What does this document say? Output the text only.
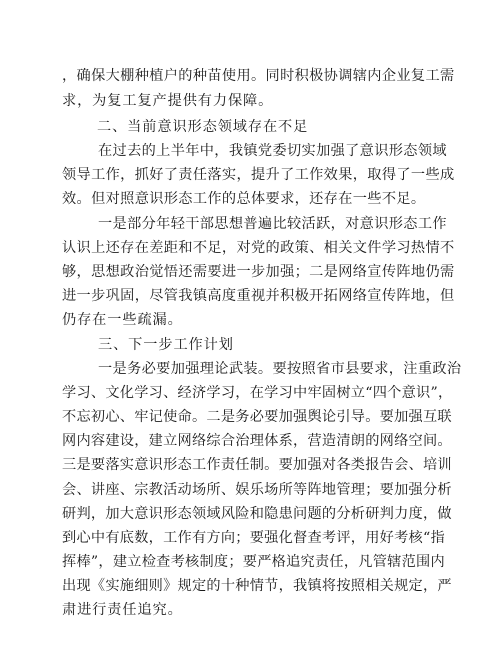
，确保大棚种植户的种苗使用。同时积极协调辖内企业复工需
求，为复工复产提供有力保障。
二、当前意识形态领域存在不足
在过去的上半年中，我镇党委切实加强了意识形态领域
领导工作，抓好了责任落实，提升了工作效果，取得了一些成
效。但对照意识形态工作的总体要求，还存在一些不足。
一是部分年轻干部思想普遍比较活跃，对意识形态工作
认识上还存在差距和不足，对党的政策、相关文件学习热情不
够，思想政治觉悟还需要进一步加强；二是网络宣传阵地仍需
进一步巩固，尽管我镇高度重视并积极开拓网络宣传阵地，但
仍存在一些疏漏。
三、下一步工作计划
一是务必要加强理论武装。要按照省市县要求，注重政治
学习、文化学习、经济学习，在学习中牢固树立“四个意识”，
不忘初心、牢记使命。二是务必要加强舆论引导。要加强互联
网内容建设，建立网络综合治理体系，营造清朗的网络空间。
三是要落实意识形态工作责任制。要加强对各类报告会、培训
会、讲座、宗教活动场所、娱乐场所等阵地管理；要加强分析
研判，加大意识形态领域风险和隐患问题的分析研判力度，做
到心中有底数，工作有方向；要强化督查考评，用好考核“指
挥棒”，建立检查考核制度；要严格追究责任，凡管辖范围内
出现《实施细则》规定的十种情节，我镇将按照相关规定，严
肃进行责任追究。
